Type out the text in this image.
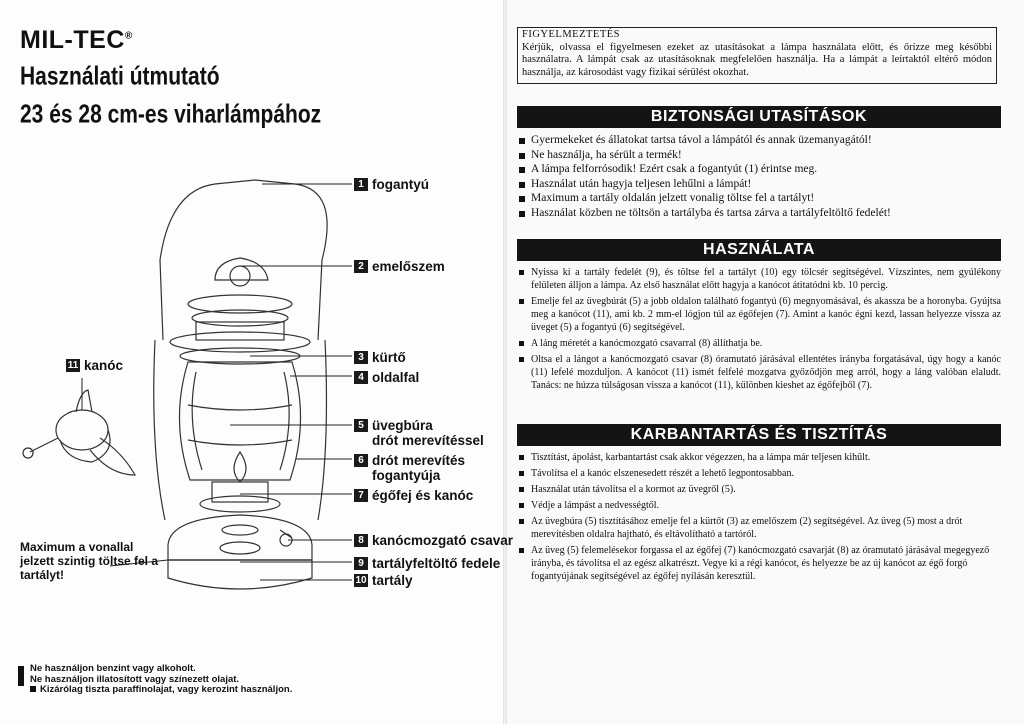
MIL-TEC®
Használati útmutató
23 és 28 cm-es viharlámpához
1 fogantyú
2 emelőszem
3 kürtő
4 oldalfal
5 üvegbúra
drót merevítéssel
6 drót merevítés
fogantyúja
7 égőfej és kanóc
8 kanócmozgató csavar
9 tartályfeltöltő fedele
10 tartály
11 kanóc
Maximum a vonallal jelzett szintig töltse fel a tartályt!
Ne használjon benzint vagy alkoholt.
Ne használjon illatosított vagy színezett olajat.
Kizárólag tiszta paraffinolajat, vagy kerozint használjon.
FIGYELMEZTETÉS
Kérjük, olvassa el figyelmesen ezeket az utasításokat a lámpa használata előtt, és őrizze meg későbbi használatra. A lámpát csak az utasításoknak megfelelően használja. Ha a lámpát a leírtaktól eltérő módon használja, az károsodást vagy fizikai sérülést okozhat.
BIZTONSÁGI UTASÍTÁSOK
Gyermekeket és állatokat tartsa távol a lámpától és annak üzemanyagától!
Ne használja, ha sérült a termék!
A lámpa felforrósodik! Ezért csak a fogantyút (1) érintse meg.
Használat után hagyja teljesen lehűlni a lámpát!
Maximum a tartály oldalán jelzett vonalig töltse fel a tartályt!
Használat közben ne töltsön a tartályba és tartsa zárva a tartályfeltöltő fedelét!
HASZNÁLATA
Nyissa ki a tartály fedelét (9), és töltse fel a tartályt (10) egy tölcsér segítségével. Vízszintes, nem gyúlékony felületen álljon a lámpa. Az első használat előtt hagyja a kanócot átitatódni kb. 10 percig.
Emelje fel az üvegbúrát (5) a jobb oldalon található fogantyú (6) megnyomásával, és akassza be a horonyba. Gyújtsa meg a kanócot (11), ami kb. 2 mm-el lógjon túl az égőfejen (7). Amint a kanóc égni kezd, lassan helyezze vissza az üveget (5) a fogantyú (6) segítségével.
A láng méretét a kanócmozgató csavarral (8) állíthatja be.
Oltsa el a lángot a kanócmozgató csavar (8) óramutató járásával ellentétes irányba forgatásával, úgy hogy a kanóc (11) lefelé mozduljon. A kanócot (11) ismét felfelé mozgatva győződjön meg arról, hogy a láng valóban elaludt. Tanács: ne húzza túlságosan vissza a kanócot (11), különben kieshet az égőfejből (7).
KARBANTARTÁS ÉS TISZTÍTÁS
Tisztítást, ápolást, karbantartást csak akkor végezzen, ha a lámpa már teljesen kihűlt.
Távolítsa el a kanóc elszenesedett részét a lehető legpontosabban.
Használat után távolítsa el a kormot az üvegről (5).
Védje a lámpást a nedvességtől.
Az üvegbúra (5) tisztításához emelje fel a kürtőt (3) az emelőszem (2) segítségével. Az üveg (5) most a drót merevítésben oldalra hajtható, és eltávolítható a tartóról.
Az üveg (5) felemelésekor forgassa el az égőfej (7) kanócmozgató csavarját (8) az óramutató járásával megegyező irányba, és távolítsa el az egész alkatrészt. Vegye ki a régi kanócot, és helyezze be az új kanócot az égő forgó fogantyújának segítségével az égőfej nyílásán keresztül.
